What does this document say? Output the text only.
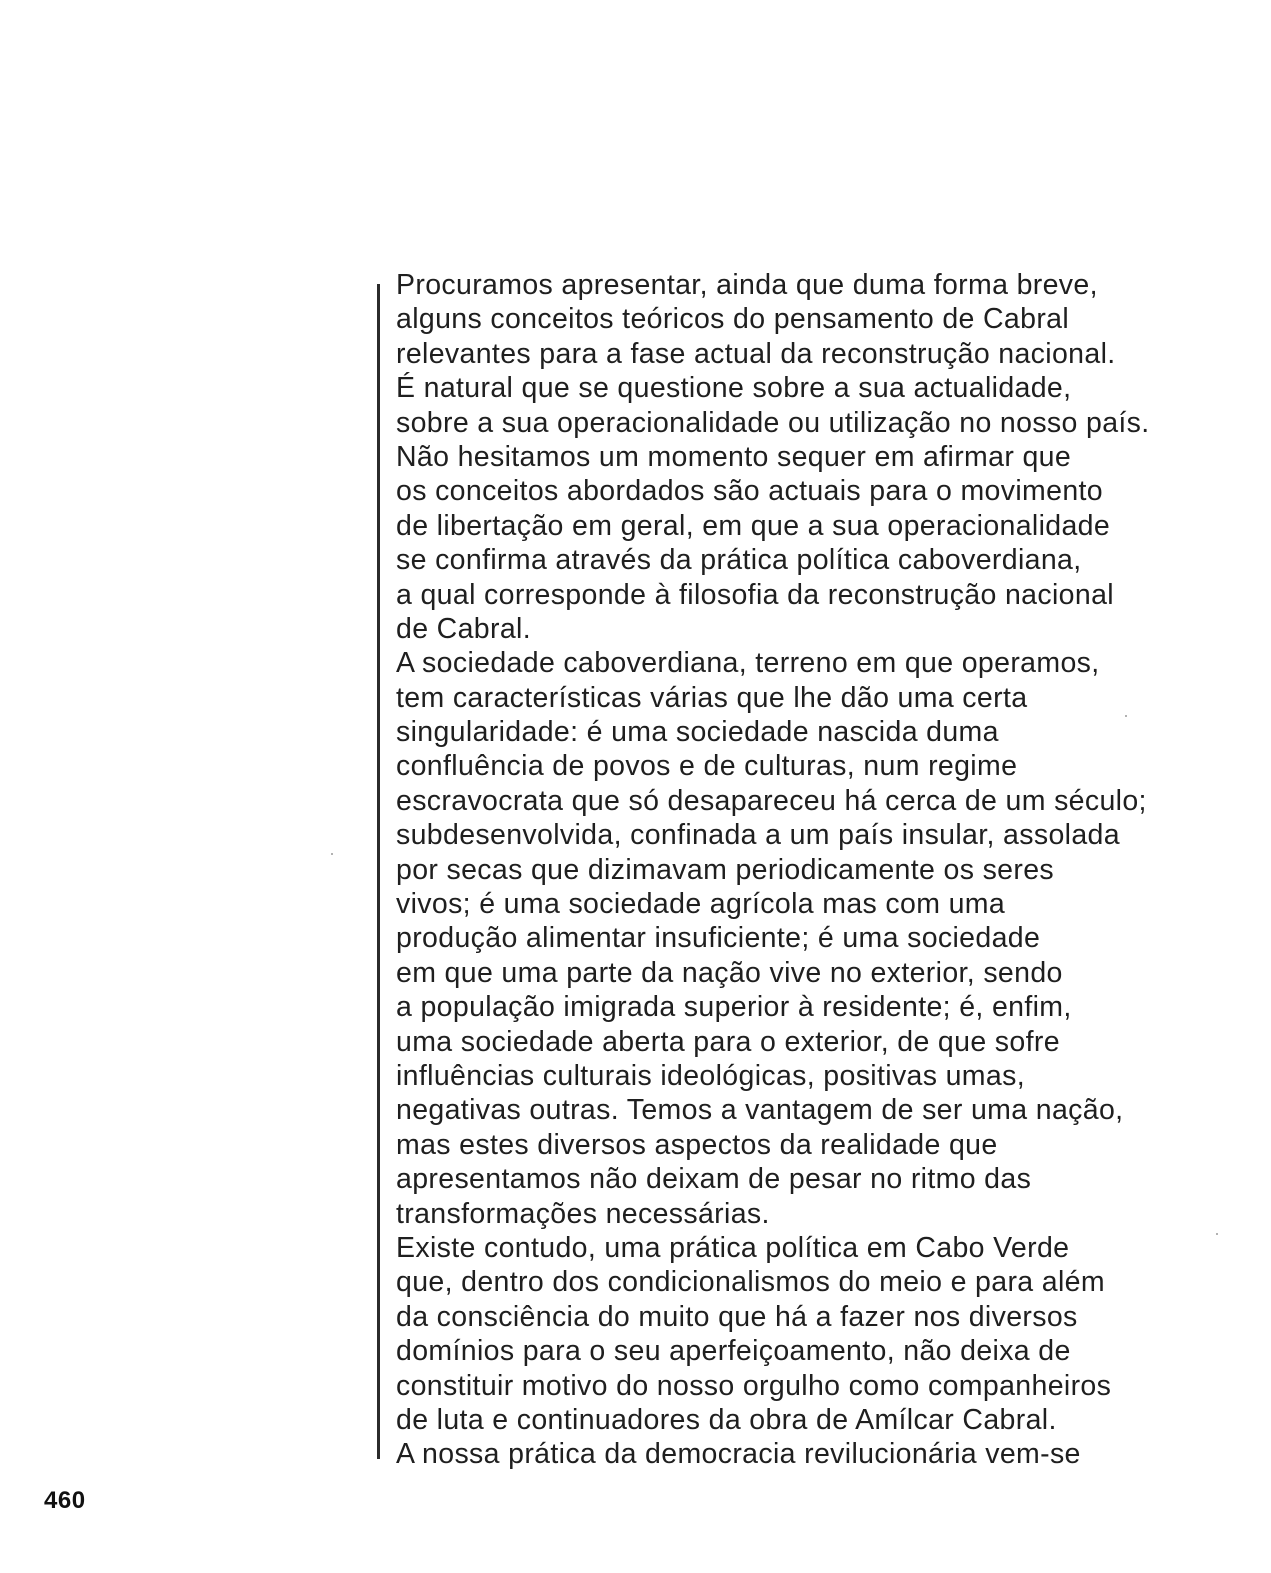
Procuramos apresentar, ainda que duma forma breve,
alguns conceitos teóricos do pensamento de Cabral
relevantes para a fase actual da reconstrução nacional.
É natural que se questione sobre a sua actualidade,
sobre a sua operacionalidade ou utilização no nosso país.
Não hesitamos um momento sequer em afirmar que
os conceitos abordados são actuais para o movimento
de libertação em geral, em que a sua operacionalidade
se confirma através da prática política caboverdiana,
a qual corresponde à filosofia da reconstrução nacional
de Cabral.
A sociedade caboverdiana, terreno em que operamos,
tem características várias que lhe dão uma certa
singularidade: é uma sociedade nascida duma
confluência de povos e de culturas, num regime
escravocrata que só desapareceu há cerca de um século;
subdesenvolvida, confinada a um país insular, assolada
por secas que dizimavam periodicamente os seres
vivos; é uma sociedade agrícola mas com uma
produção alimentar insuficiente; é uma sociedade
em que uma parte da nação vive no exterior, sendo
a população imigrada superior à residente; é, enfim,
uma sociedade aberta para o exterior, de que sofre
influências culturais ideológicas, positivas umas,
negativas outras. Temos a vantagem de ser uma nação,
mas estes diversos aspectos da realidade que
apresentamos não deixam de pesar no ritmo das
transformações necessárias.
Existe contudo, uma prática política em Cabo Verde
que, dentro dos condicionalismos do meio e para além
da consciência do muito que há a fazer nos diversos
domínios para o seu aperfeiçoamento, não deixa de
constituir motivo do nosso orgulho como companheiros
de luta e continuadores da obra de Amílcar Cabral.
A nossa prática da democracia revilucionária vem-se
460
